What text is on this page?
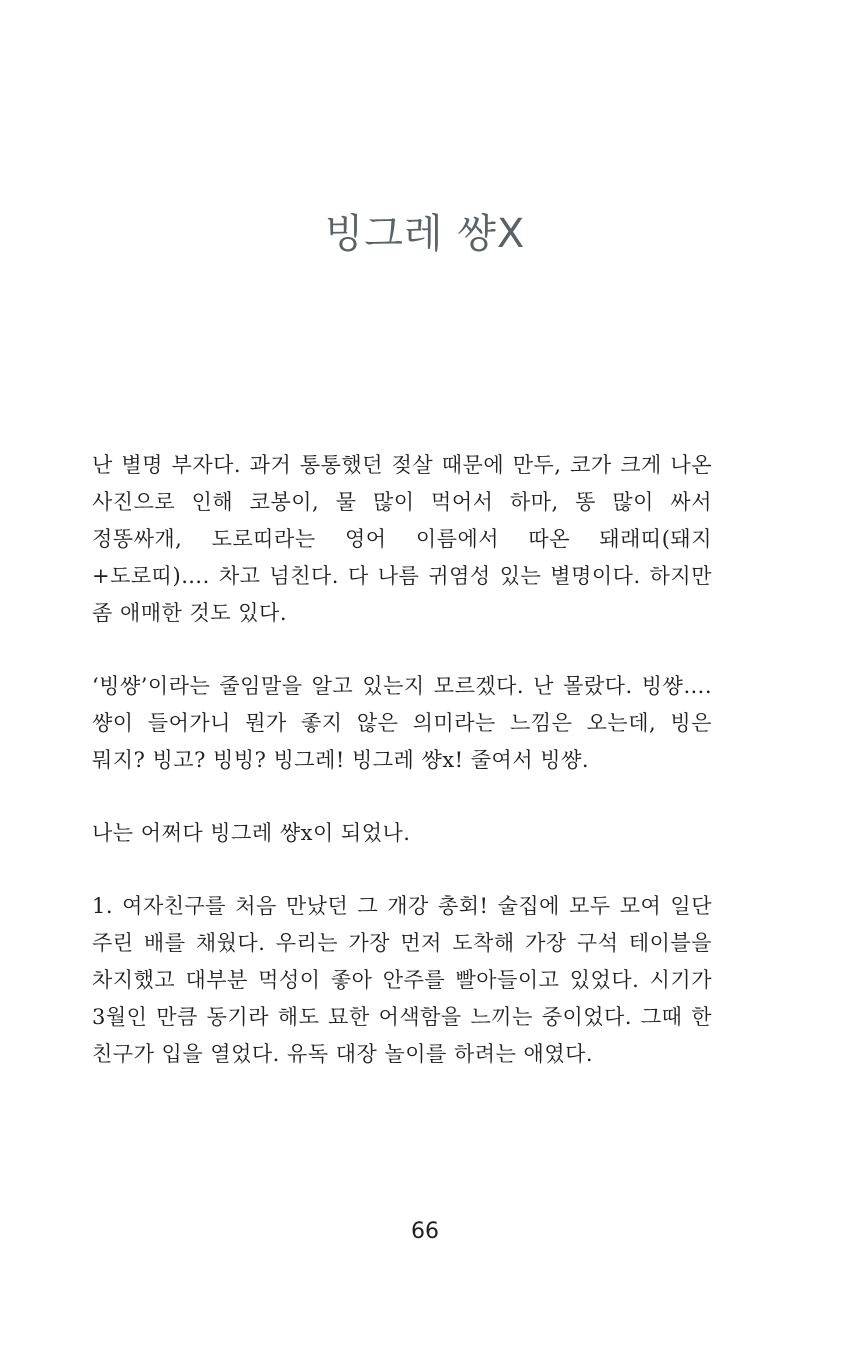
빙그레 썅X

난 별명 부자다. 과거 통통했던 젖살 때문에 만두, 코가 크게 나온 사진으로 인해 코봉이, 물 많이 먹어서 하마, 똥 많이 싸서 정똥싸개, 도로띠라는 영어 이름에서 따온 돼래띠(돼지+도로띠)…. 차고 넘친다. 다 나름 귀염성 있는 별명이다. 하지만 좀 애매한 것도 있다.

‘빙썅’이라는 줄임말을 알고 있는지 모르겠다. 난 몰랐다. 빙썅…. 썅이 들어가니 뭔가 좋지 않은 의미라는 느낌은 오는데, 빙은 뭐지? 빙고? 빙빙? 빙그레! 빙그레 썅x! 줄여서 빙썅.

나는 어쩌다 빙그레 썅x이 되었나.

1. 여자친구를 처음 만났던 그 개강 총회! 술집에 모두 모여 일단 주린 배를 채웠다. 우리는 가장 먼저 도착해 가장 구석 테이블을 차지했고 대부분 먹성이 좋아 안주를 빨아들이고 있었다. 시기가 3월인 만큼 동기라 해도 묘한 어색함을 느끼는 중이었다. 그때 한 친구가 입을 열었다. 유독 대장 놀이를 하려는 애였다.

66
